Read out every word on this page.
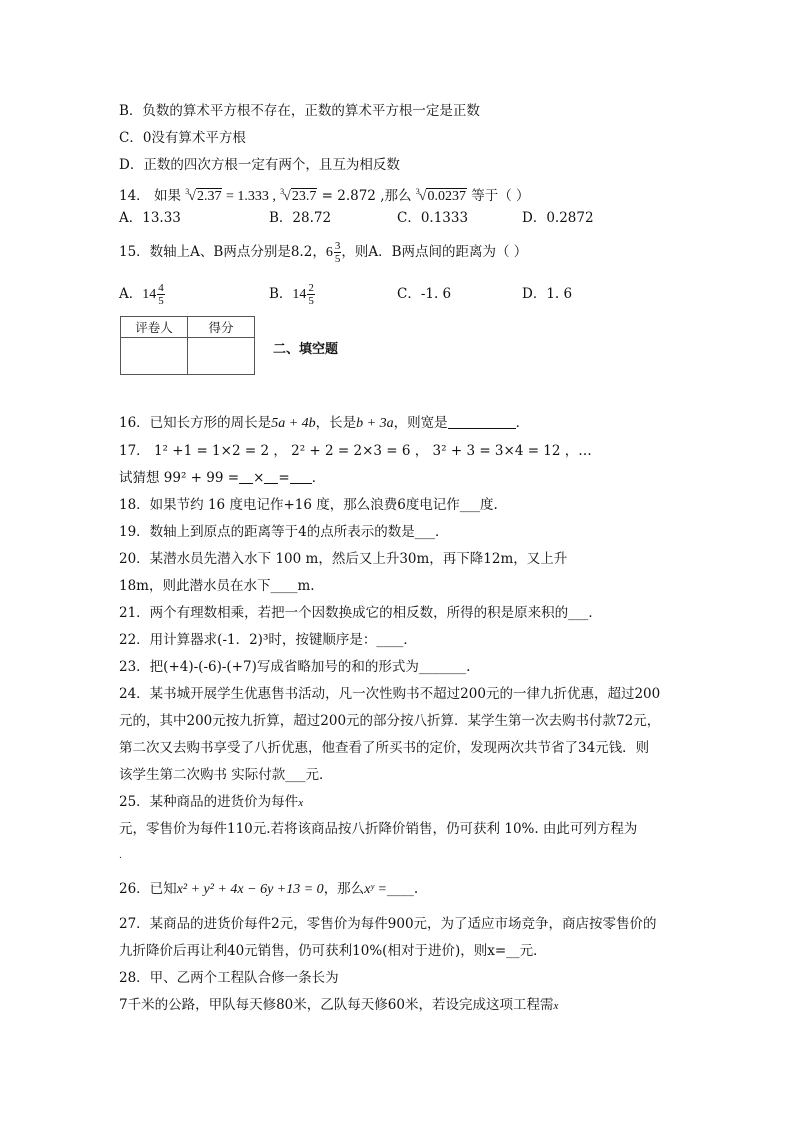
B．负数的算术平方根不存在，正数的算术平方根一定是正数
C．0没有算术平方根
D．正数的四次方根一定有两个，且互为相反数
14． 如果 $^3$√2.37 = 1.333 , $^3$√23.7 = 2.872 ,那么 $^3$√0.0237 等于（ ）
A．13.33	B．28.72	C．0.1333	D．0.2872
15．数轴上A、B两点分别是8.2，$6 \frac{3}{5}$ ，则A．B两点间的距离为（ ）
A．$14 \frac{4}{5}$	B．$14 \frac{2}{5}$	C．-1. 6	D．1. 6
评卷人	得分

二、填空题
16．已知长方形的周长是5a + 4b，长是b + 3a，则宽是	．
17． 1² +1 = 1×2 = 2 ， 2² + 2 = 2×3 = 6 ， 3² + 3 = 3×4 = 12 ，…
试猜想 99² + 99 = × = ．
18．如果节约 16 度电记作+16 度，那么浪费6度电记作___度.
19．数轴上到原点的距离等于4的点所表示的数是___．
20．某潜水员先潜入水下 100 m，然后又上升30m，再下降12m，又上升
18m，则此潜水员在水下____m.
21．两个有理数相乘，若把一个因数换成它的相反数，所得的积是原来积的___．
22．用计算器求(-1．2)³时，按键顺序是：____．
23．把(+4)-(-6)-(+7)写成省略加号的和的形式为_______.
24．某书城开展学生优惠售书活动，凡一次性购书不超过200元的一律九折优惠，超过200
元的，其中200元按九折算，超过200元的部分按八折算．某学生第一次去购书付款72元，
第二次又去购书享受了八折优惠，他查看了所买书的定价，发现两次共节省了34元钱．则
该学生第二次购书 实际付款___元．
25．某种商品的进货价为每件x
元，零售价为每件110元.若将该商品按八折降价销售，仍可获利 10%. 由此可列方程为
.
26．已知x² + y² + 4x − 6y +13 = 0，那么xʸ =____.
27．某商品的进货价每件2元，零售价为每件900元，为了适应市场竞争，商店按零售价的
九折降价后再让利40元销售，仍可获利10%(相对于进价)，则x=__元．
28．甲、乙两个工程队合修一条长为
7千米的公路，甲队每天修80米，乙队每天修60米，若设完成这项工程需x
